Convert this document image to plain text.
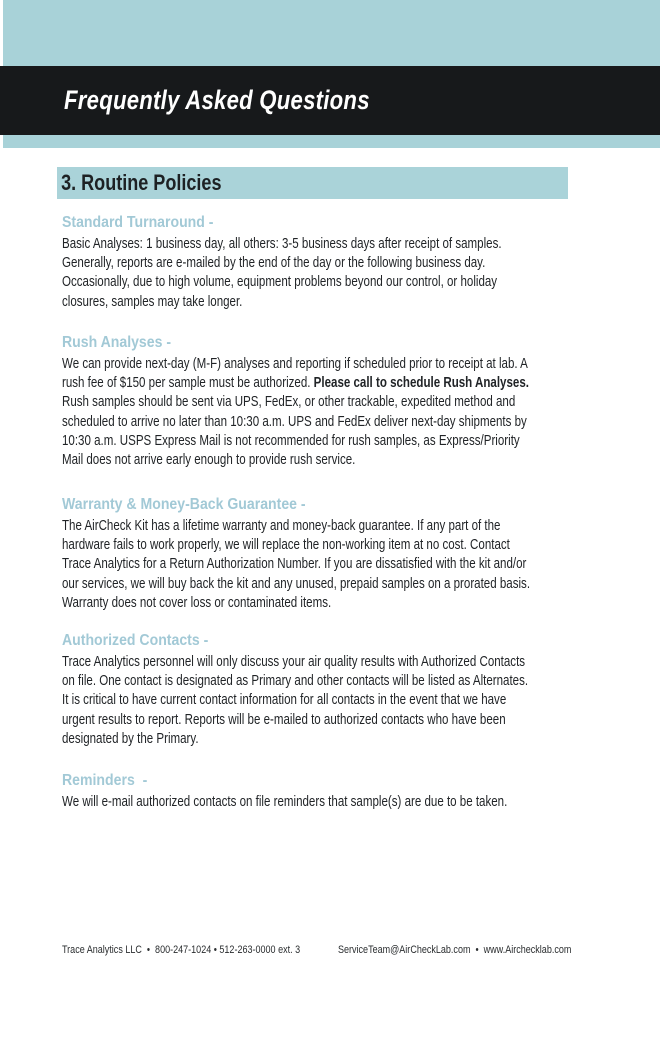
Frequently Asked Questions
3. Routine Policies
Standard Turnaround -
Basic Analyses: 1 business day, all others: 3-5 business days after receipt of samples.
Generally, reports are e-mailed by the end of the day or the following business day.
Occasionally, due to high volume, equipment problems beyond our control, or holiday
closures, samples may take longer.
Rush Analyses -
We can provide next-day (M-F) analyses and reporting if scheduled prior to receipt at lab. A
rush fee of $150 per sample must be authorized. Please call to schedule Rush Analyses.
Rush samples should be sent via UPS, FedEx, or other trackable, expedited method and
scheduled to arrive no later than 10:30 a.m. UPS and FedEx deliver next-day shipments by
10:30 a.m. USPS Express Mail is not recommended for rush samples, as Express/Priority
Mail does not arrive early enough to provide rush service.
Warranty & Money-Back Guarantee -
The AirCheck Kit has a lifetime warranty and money-back guarantee. If any part of the
hardware fails to work properly, we will replace the non-working item at no cost. Contact
Trace Analytics for a Return Authorization Number. If you are dissatisfied with the kit and/or
our services, we will buy back the kit and any unused, prepaid samples on a prorated basis.
Warranty does not cover loss or contaminated items.
Authorized Contacts -
Trace Analytics personnel will only discuss your air quality results with Authorized Contacts
on file. One contact is designated as Primary and other contacts will be listed as Alternates.
It is critical to have current contact information for all contacts in the event that we have
urgent results to report. Reports will be e-mailed to authorized contacts who have been
designated by the Primary.
Reminders  -
We will e-mail authorized contacts on file reminders that sample(s) are due to be taken.
Trace Analytics LLC  •  800-247-1024 • 512-263-0000 ext. 3	ServiceTeam@AirCheckLab.com  •  www.Airchecklab.com
